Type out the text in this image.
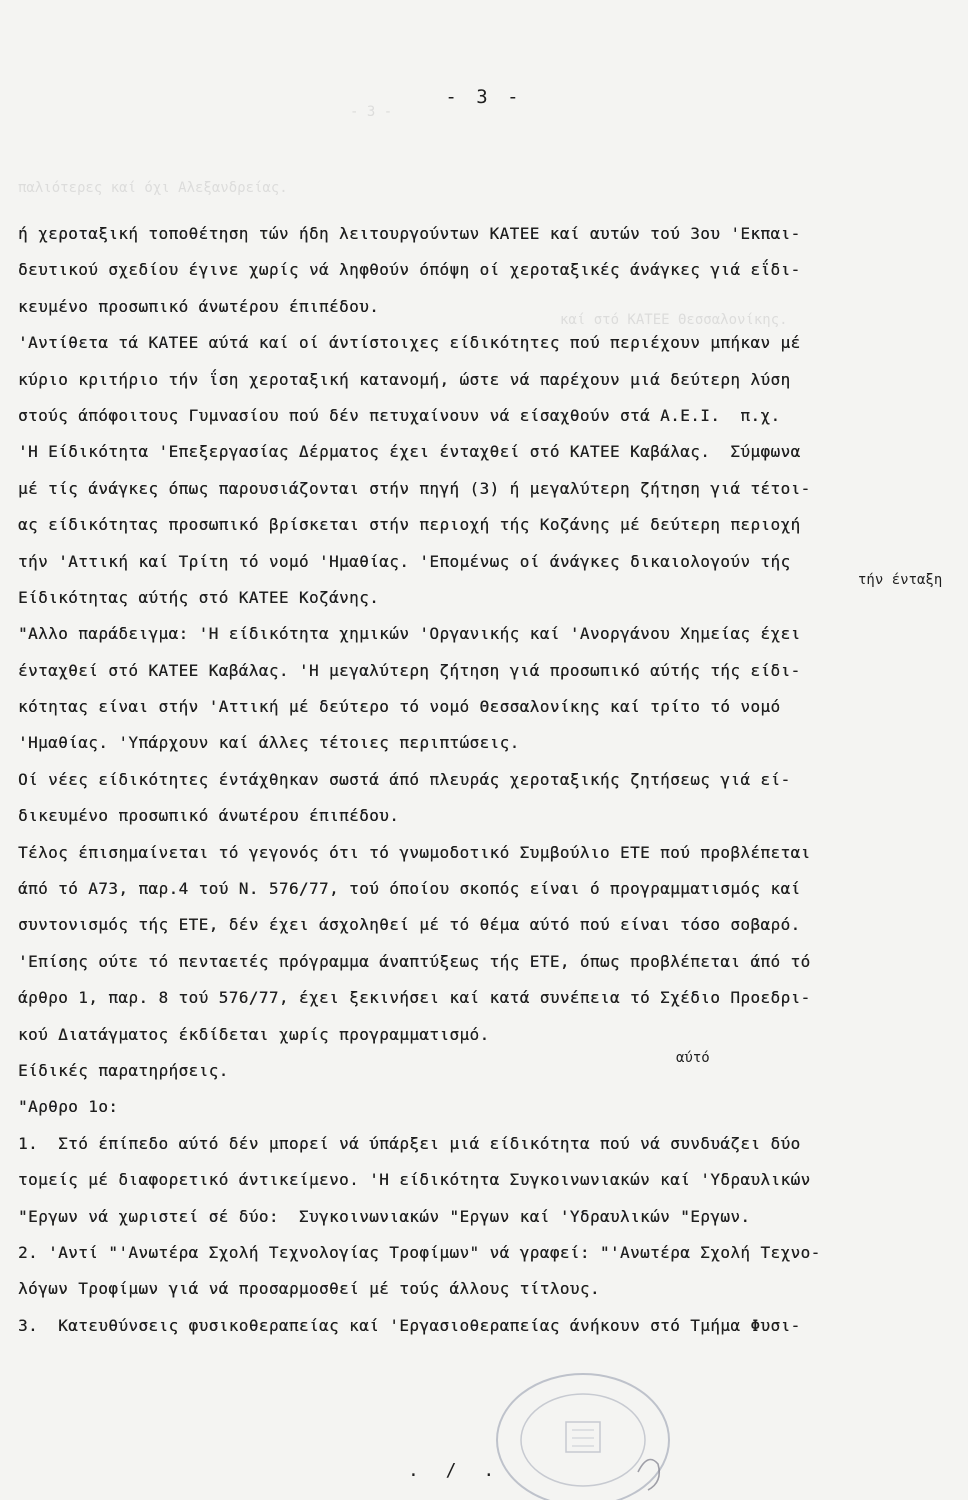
- 3 -
παλιότερες καί όχι Αλεξανδρείας.
καί στό ΚΑΤΕΕ Θεσσαλονίκης.
- 3 -
ή χεροταξική τοποθέτηση τών ήδη λειτουργούντων ΚΑΤΕΕ καί αυτών τού 3ου 'Εκπαι-
δευτικού σχεδίου έγινε χωρίς νά ληφθούν όπόψη οί χεροταξικές άνάγκες γιά εΐδι-
κευμένο προσωπικό άνωτέρου έπιπέδου.
'Αντίθετα τά ΚΑΤΕΕ αύτά καί οί άντίστοιχες είδικότητες πού περιέχουν μπήκαν μέ
κύριο κριτήριο τήν ΐση χεροταξική κατανομή, ώστε νά παρέχουν μιά δεύτερη λύση
στούς άπόφοιτους Γυμνασίου πού δέν πετυχαίνουν νά είσαχθούν στά Α.Ε.Ι.  π.χ.
'Η Είδικότητα 'Επεξεργασίας Δέρματος έχει ένταχθεί στό ΚΑΤΕΕ Καβάλας.  Σύμφωνα
μέ τίς άνάγκες όπως παρουσιάζονται στήν πηγή (3) ή μεγαλύτερη ζήτηση γιά τέτοι-
ας είδικότητας προσωπικό βρίσκεται στήν περιοχή τής Κοζάνης μέ δεύτερη περιοχή
τήν 'Αττική καί Τρίτη τό νομό 'Ημαθίας. 'Επομένως οί άνάγκες δικαιολογούν τής
Είδικότητας αύτής στό ΚΑΤΕΕ Κοζάνης.
"Αλλο παράδειγμα: 'Η είδικότητα χημικών 'Οργανικής καί 'Ανοργάνου Χημείας έχει
ένταχθεί στό ΚΑΤΕΕ Καβάλας. 'Η μεγαλύτερη ζήτηση γιά προσωπικό αύτής τής είδι-
κότητας είναι στήν 'Αττική μέ δεύτερο τό νομό Θεσσαλονίκης καί τρίτο τό νομό
'Ημαθίας. 'Υπάρχουν καί άλλες τέτοιες περιπτώσεις.
Οί νέες είδικότητες έντάχθηκαν σωστά άπό πλευράς χεροταξικής ζητήσεως γιά εί-
δικευμένο προσωπικό άνωτέρου έπιπέδου.
Τέλος έπισημαίνεται τό γεγονός ότι τό γνωμοδοτικό Συμβούλιο ΕΤΕ πού προβλέπεται
άπό τό Α73, παρ.4 τού Ν. 576/77, τού όποίου σκοπός είναι ό προγραμματισμός καί
συντονισμός τής ΕΤΕ, δέν έχει άσχοληθεί μέ τό θέμα αύτό πού είναι τόσο σοβαρό.
'Επίσης ούτε τό πενταετές πρόγραμμα άναπτύξεως τής ΕΤΕ, όπως προβλέπεται άπό τό
άρθρο 1, παρ. 8 τού 576/77, έχει ξεκινήσει καί κατά συνέπεια τό Σχέδιο Προεδρι-
κού Διατάγματος έκδίδεται χωρίς προγραμματισμό.
Είδικές παρατηρήσεις.
"Αρθρο 1ο:
1.  Στό έπίπεδο αύτό δέν μπορεί νά ύπάρξει μιά είδικότητα πού νά συνδυάζει δύο
τομείς μέ διαφορετικό άντικείμενο. 'Η είδικότητα Συγκοινωνιακών καί 'Υδραυλικών
"Εργων νά χωριστεί σέ δύο:  Συγκοινωνιακών "Εργων καί 'Υδραυλικών "Εργων.
2. 'Αντί "'Ανωτέρα Σχολή Τεχνολογίας Τροφίμων" νά γραφεί: "'Ανωτέρα Σχολή Τεχνο-
λόγων Τροφίμων γιά νά προσαρμοσθεί μέ τούς άλλους τίτλους.
3.  Κατευθύνσεις φυσικοθεραπείας καί 'Εργασιοθεραπείας άνήκουν στό Τμήμα Φυσι-
τήν ένταξη
αύτό
. / .
